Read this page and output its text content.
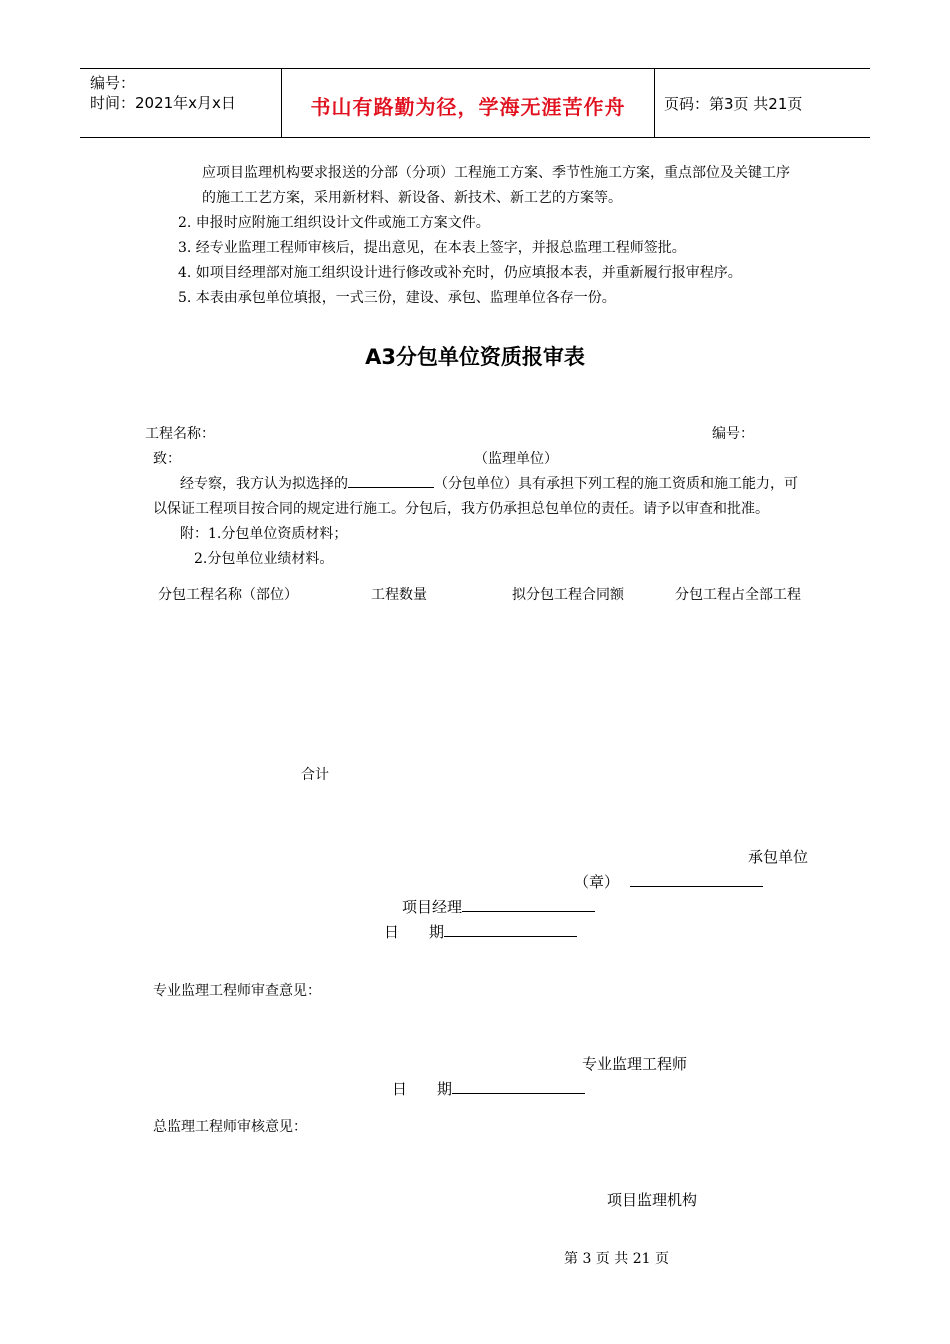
编号：
时间：2021年x月x日	书山有路勤为径，学海无涯苦作舟	页码：第3页 共21页
应项目监理机构要求报送的分部（分项）工程施工方案、季节性施工方案，重点部位及关键工序
的施工工艺方案，采用新材料、新设备、新技术、新工艺的方案等。
2. 申报时应附施工组织设计文件或施工方案文件。
3. 经专业监理工程师审核后，提出意见，在本表上签字，并报总监理工程师签批。
4. 如项目经理部对施工组织设计进行修改或补充时，仍应填报本表，并重新履行报审程序。
5. 本表由承包单位填报，一式三份，建设、承包、监理单位各存一份。
A3分包单位资质报审表
工程名称：	编号：
致：	（监理单位）
经专察，我方认为拟选择的	（分包单位）具有承担下列工程的施工资质和施工能力，可
以保证工程项目按合同的规定进行施工。分包后，我方仍承担总包单位的责任。请予以审查和批准。
附：1.分包单位资质材料；
2.分包单位业绩材料。
分包工程名称（部位）	工程数量	拟分包工程合同额	分包工程占全部工程
合计
承包单位
（章）
项目经理
日　　期
专业监理工程师审查意见：
专业监理工程师
日　　期
总监理工程师审核意见：
项目监理机构
第 3 页 共 21 页
